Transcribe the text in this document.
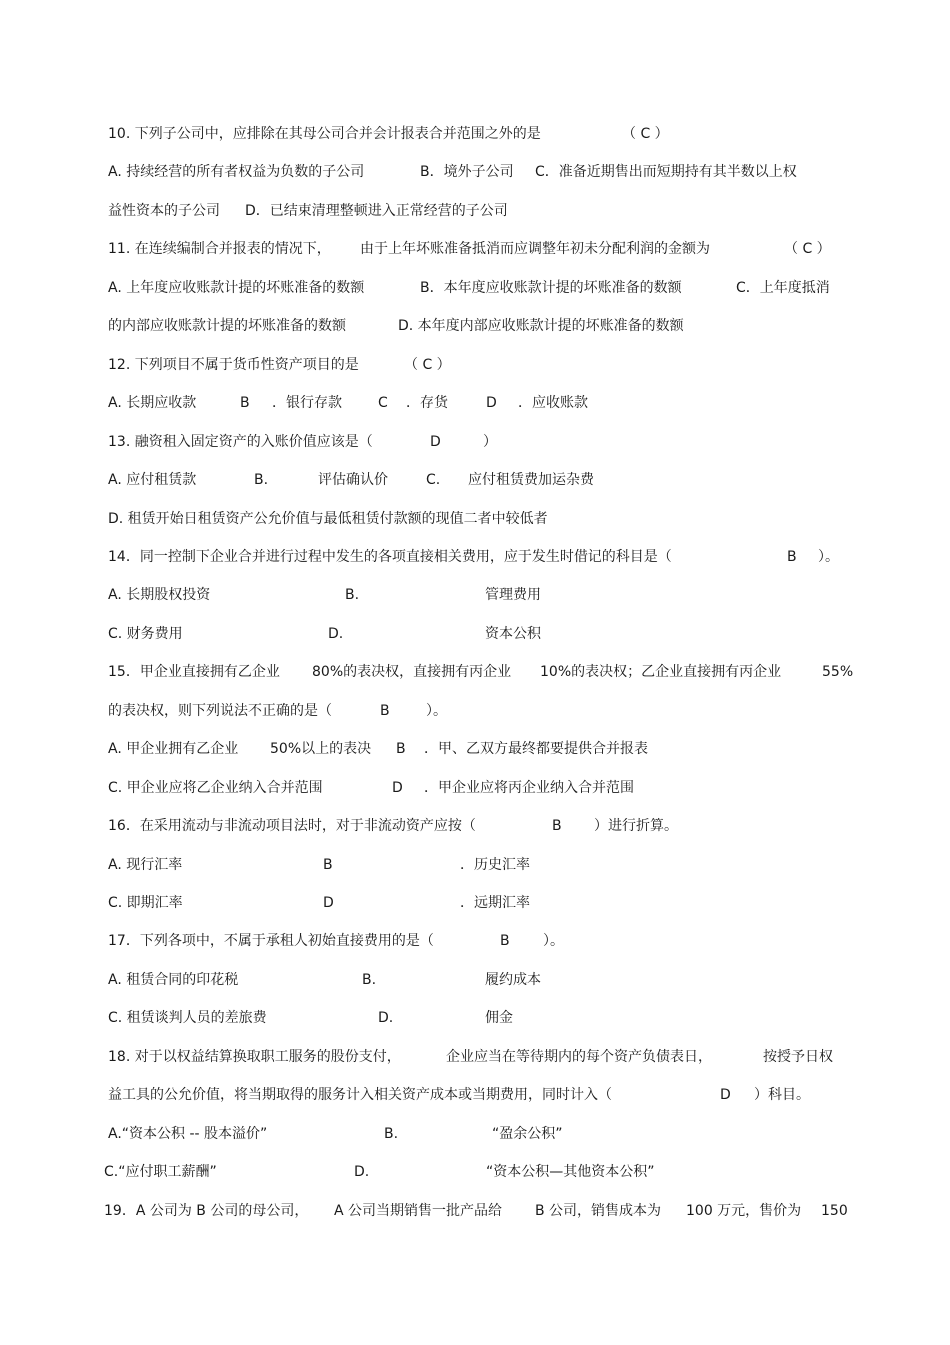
10. 下列子公司中，应排除在其母公司合并会计报表合并范围之外的是	（ C ）
A. 持续经营的所有者权益为负数的子公司	B．境外子公司 C．准备近期售出而短期持有其半数以上权
益性资本的子公司 D．已结束清理整顿进入正常经营的子公司
11. 在连续编制合并报表的情况下， 由于上年坏账准备抵消而应调整年初未分配利润的金额为	（ C ）
A. 上年度应收账款计提的坏账准备的数额	B．本年度应收账款计提的坏账准备的数额	C．上年度抵消
的内部应收账款计提的坏账准备的数额	D. 本年度内部应收账款计提的坏账准备的数额
12. 下列项目不属于货币性资产项目的是	（ C ）
A. 长期应收款	B ．银行存款	C ．存货	D ．应收账款
13. 融资租入固定资产的入账价值应该是（	D	）
A. 应付租赁款	B.	评估确认价	C. 应付租赁费加运杂费
D. 租赁开始日租赁资产公允价值与最低租赁付款额的现值二者中较低者
14．同一控制下企业合并进行过程中发生的各项直接相关费用，应于发生时借记的科目是（	B ）。
A. 长期股权投资	B.	管理费用
C. 财务费用	D.	资本公积
15．甲企业直接拥有乙企业 80%的表决权，直接拥有丙企业 10%的表决权；乙企业直接拥有丙企业	55%
的表决权，则下列说法不正确的是（	B	）。
A. 甲企业拥有乙企业 50%以上的表决 B ．甲、乙双方最终都要提供合并报表
C. 甲企业应将乙企业纳入合并范围	D ．甲企业应将丙企业纳入合并范围
16．在采用流动与非流动项目法时，对于非流动资产应按（	B ）进行折算。
A. 现行汇率	B	．历史汇率
C. 即期汇率	D	．远期汇率
17．下列各项中，不属于承租人初始直接费用的是（	B ）。
A. 租赁合同的印花税	B.	履约成本
C. 租赁谈判人员的差旅费	D.	佣金
18. 对于以权益结算换取职工服务的股份支付，	企业应当在等待期内的每个资产负债表日，	按授予日权
益工具的公允价值，将当期取得的服务计入相关资产成本或当期费用，同时计入（	D ）科目。
A.“资本公积 -- 股本溢价”	B.	“盈余公积”
C.“应付职工薪酬”	D.	“资本公积—其他资本公积”
19．A 公司为 B 公司的母公司， A 公司当期销售一批产品给 B 公司，销售成本为 100 万元，售价为 150
